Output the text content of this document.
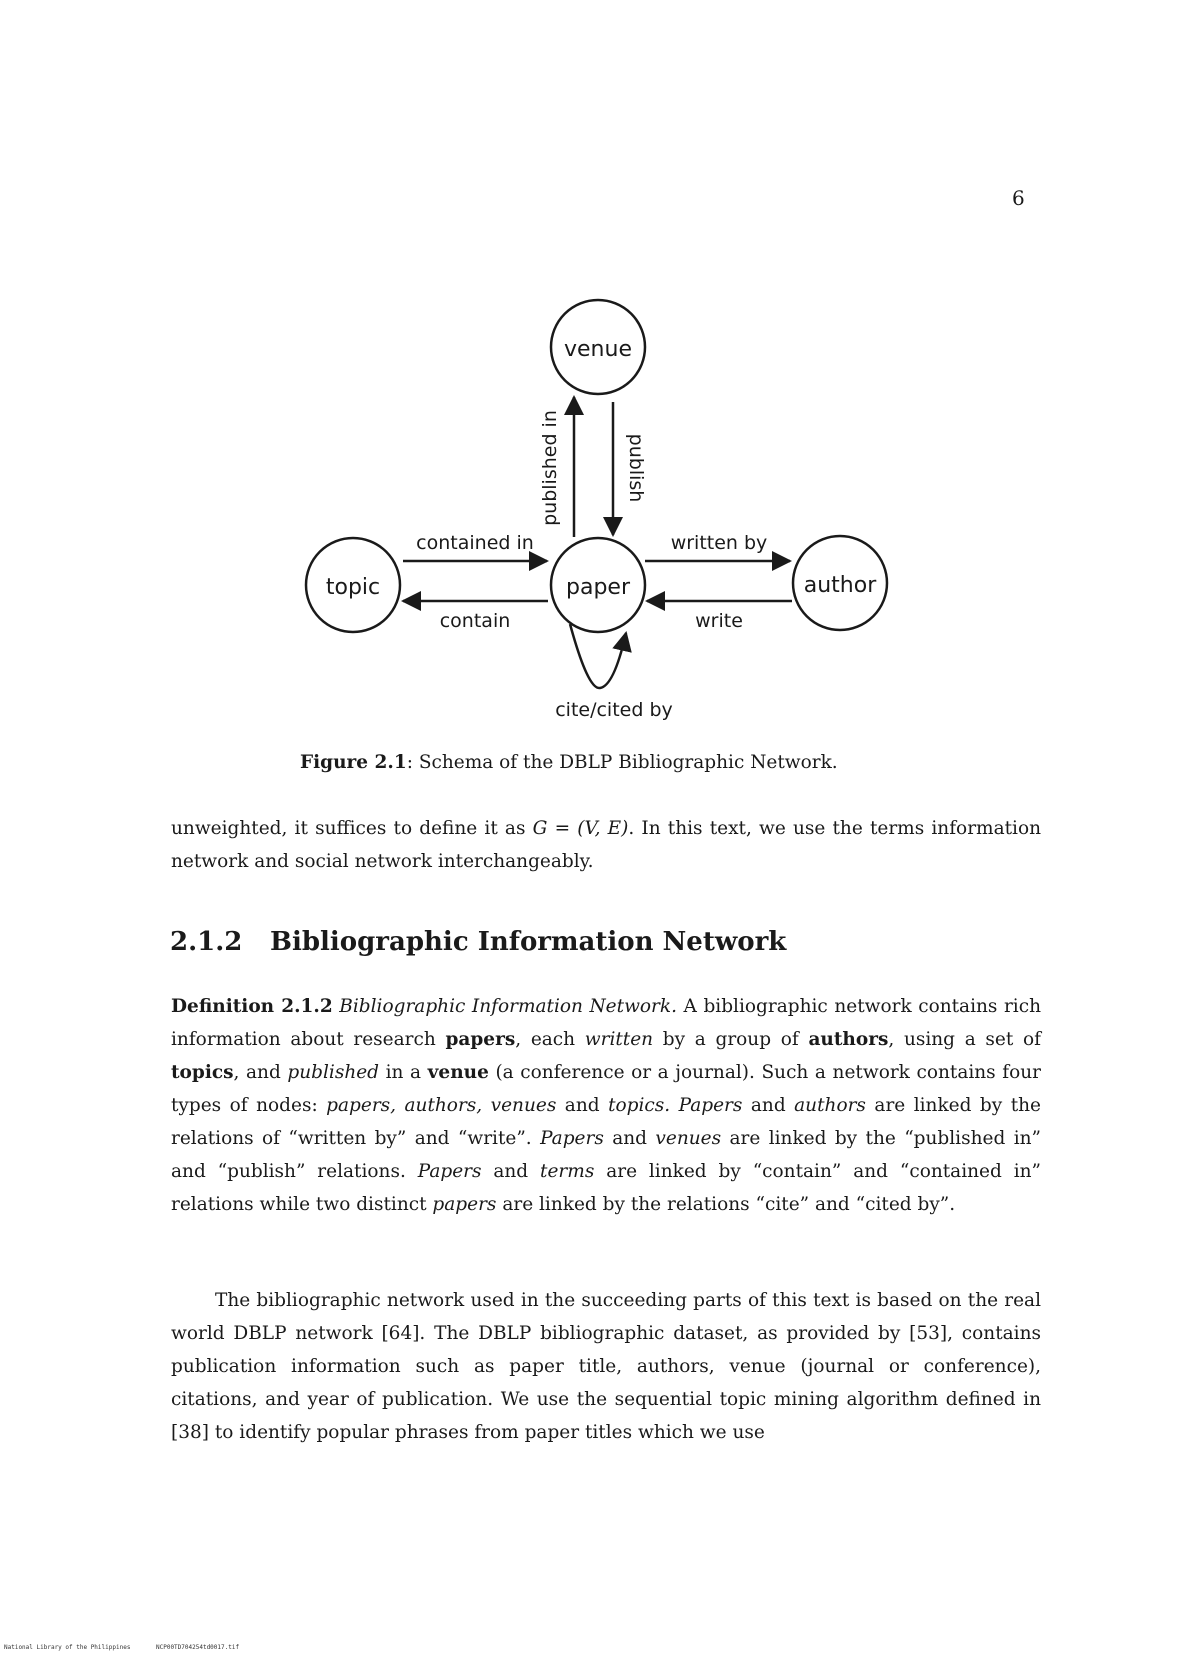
6
venue
topic	paper	author
published in	publish
contained in
contain
written by
write
cite/cited by
Figure 2.1: Schema of the DBLP Bibliographic Network.
unweighted, it suffices to define it as G = (V, E). In this text, we use the terms information network and social network interchangeably.
2.1.2 Bibliographic Information Network
Definition 2.1.2 Bibliographic Information Network. A bibliographic network contains rich information about research papers, each written by a group of authors, using a set of topics, and published in a venue (a conference or a journal). Such a network contains four types of nodes: papers, authors, venues and topics. Papers and authors are linked by the relations of “written by” and “write”. Papers and venues are linked by the “published in” and “publish” relations. Papers and terms are linked by “contain” and “contained in” relations while two distinct papers are linked by the relations “cite” and “cited by”.
The bibliographic network used in the succeeding parts of this text is based on the real world DBLP network [64]. The DBLP bibliographic dataset, as provided by [53], contains publication information such as paper title, authors, venue (journal or conference), citations, and year of publication. We use the sequential topic mining algorithm defined in [38] to identify popular phrases from paper titles which we use
National Library of the Philippines	NCP00TD704254td0017.tif
